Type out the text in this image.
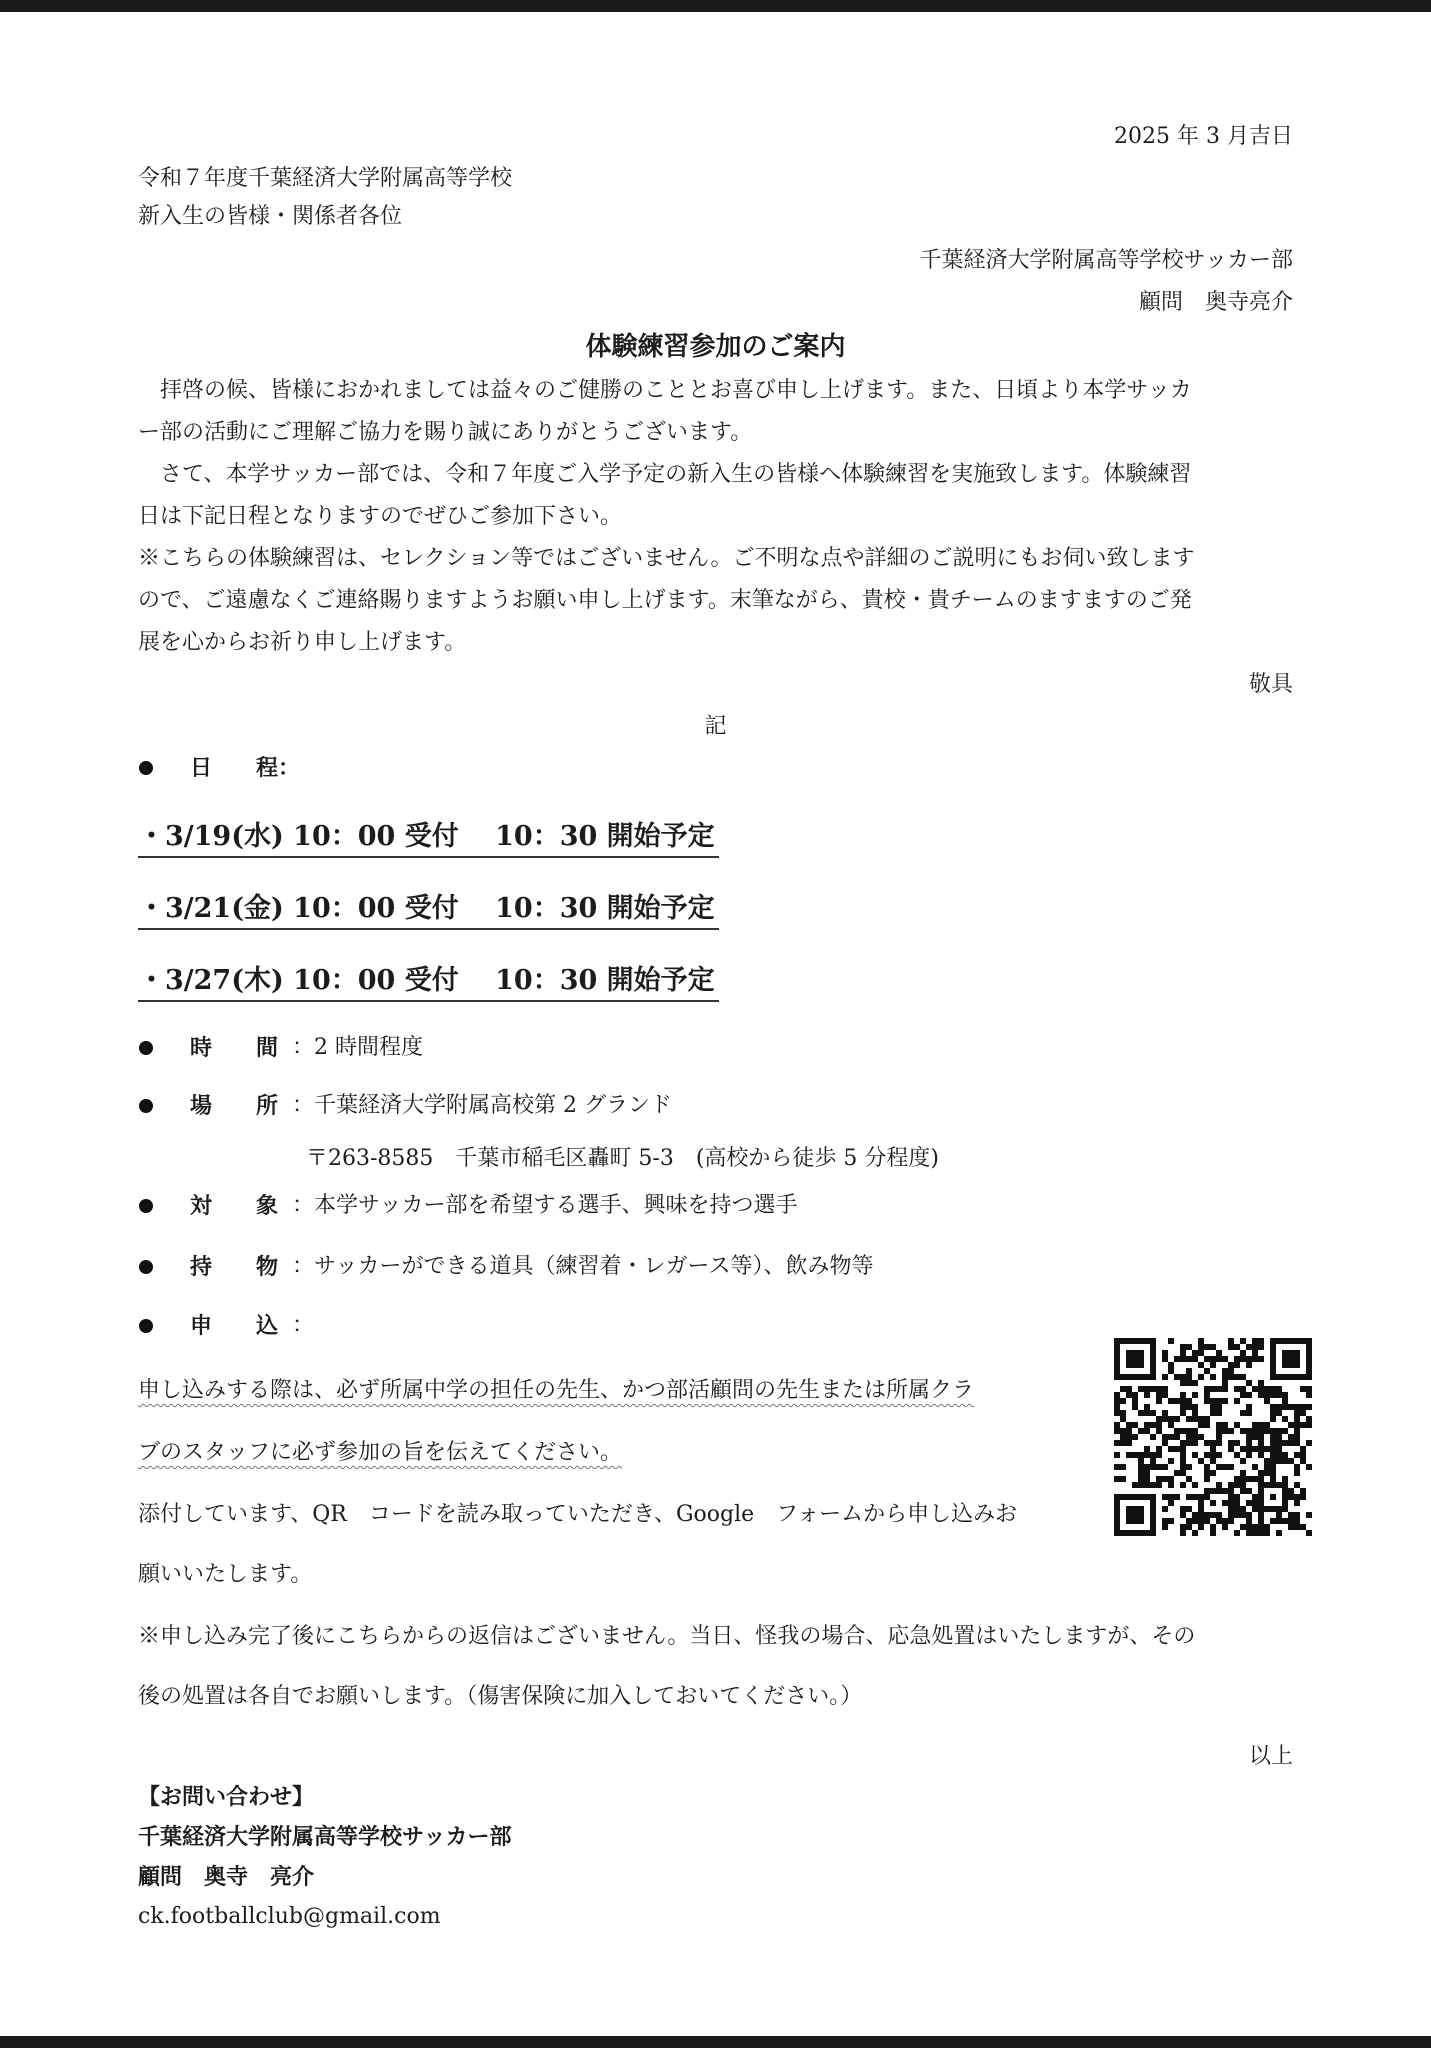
2025 年 3 月吉日
令和７年度千葉経済大学附属高等学校
新入生の皆様・関係者各位
千葉経済大学附属高等学校サッカー部
顧問　奥寺亮介
体験練習参加のご案内
　拝啓の候、皆様におかれましては益々のご健勝のこととお喜び申し上げます。また、日頃より本学サッカ
ー部の活動にご理解ご協力を賜り誠にありがとうございます。
　さて、本学サッカー部では、令和７年度ご入学予定の新入生の皆様へ体験練習を実施致します。体験練習
日は下記日程となりますのでぜひご参加下さい。
※こちらの体験練習は、セレクション等ではございません。ご不明な点や詳細のご説明にもお伺い致します
ので、ご遠慮なくご連絡賜りますようお願い申し上げます。末筆ながら、貴校・貴チームのますますのご発
展を心からお祈り申し上げます。
敬具
記
日　　程：
・3/19(水) 10：00 受付　 10：30 開始予定
・3/21(金) 10：00 受付　 10：30 開始予定
・3/27(木) 10：00 受付　 10：30 開始予定
時　　間 ：2 時間程度
場　　所 ：千葉経済大学附属高校第 2 グランド
〒263-8585　千葉市稲毛区轟町 5-3　(高校から徒歩 5 分程度)
対　　象 ：本学サッカー部を希望する選手、興味を持つ選手
持　　物 ：サッカーができる道具（練習着・レガース等）、飲み物等
申　　込 ：
申し込みする際は、必ず所属中学の担任の先生、かつ部活顧問の先生または所属クラ
ブのスタッフに必ず参加の旨を伝えてください。
添付しています、QR　コードを読み取っていただき、Google　フォームから申し込みお
願いいたします。
※申し込み完了後にこちらからの返信はございません。当日、怪我の場合、応急処置はいたしますが、その
後の処置は各自でお願いします。（傷害保険に加入しておいてください。）
以上
【お問い合わせ】
千葉経済大学附属高等学校サッカー部
顧問　奥寺　亮介
ck.footballclub@gmail.com
